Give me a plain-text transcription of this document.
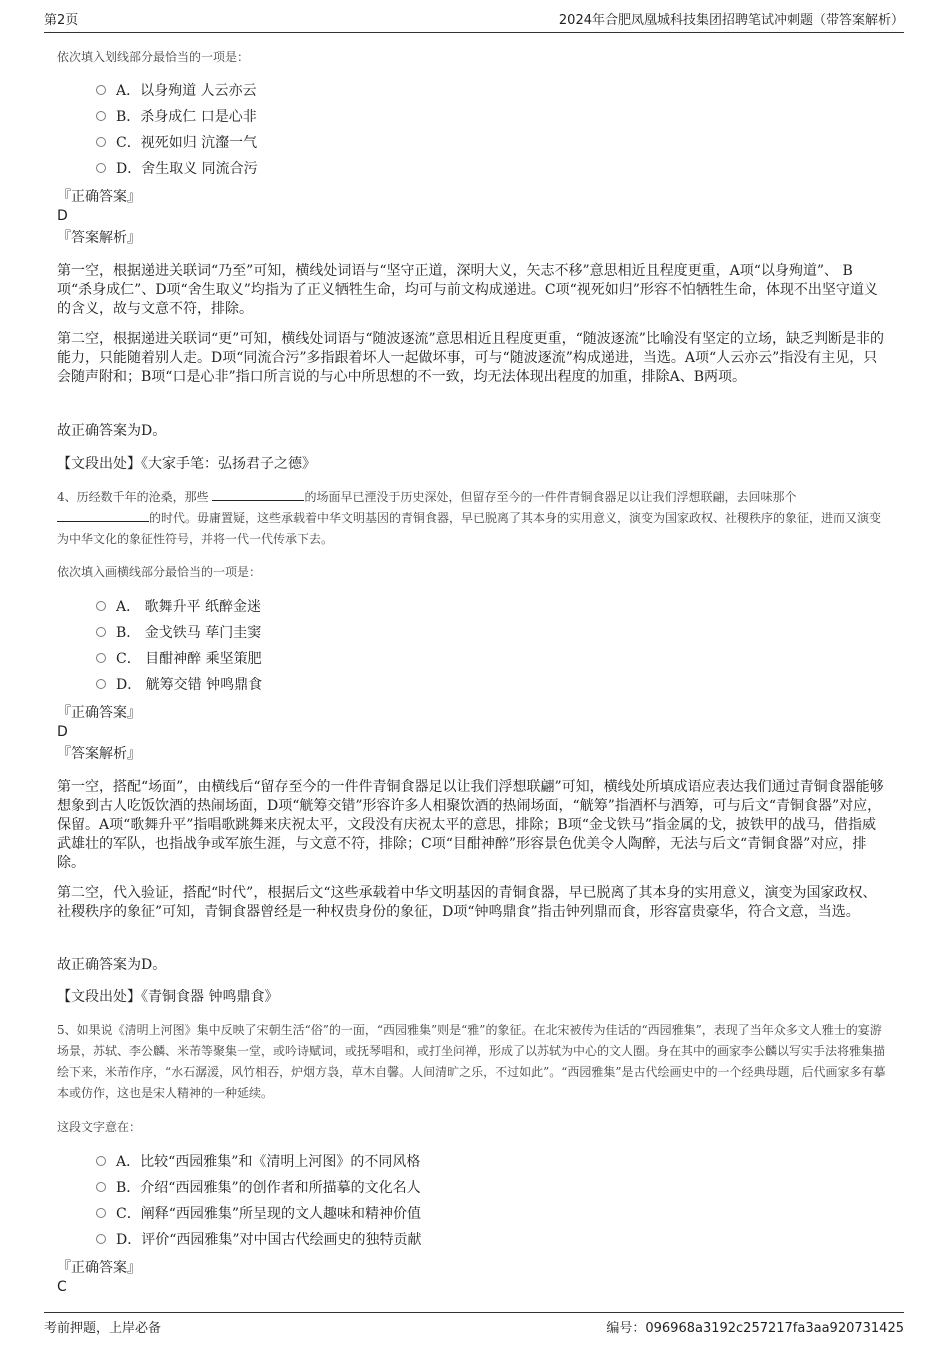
第2页	2024年合肥凤凰城科技集团招聘笔试冲刺题（带答案解析）
依次填入划线部分最恰当的一项是：
A．以身殉道 人云亦云
B．杀身成仁 口是心非
C．视死如归 沆瀣一气
D．舍生取义 同流合污
『正确答案』
D
『答案解析』
第一空，根据递进关联词“乃至”可知，横线处词语与“坚守正道，深明大义，矢志不移”意思相近且程度更重，A项“以身殉道”、 B项“杀身成仁”、D项“舍生取义”均指为了正义牺牲生命，均可与前文构成递进。C项“视死如归”形容不怕牺牲生命，体现不出坚守道义的含义，故与文意不符，排除。
第二空，根据递进关联词“更”可知，横线处词语与“随波逐流”意思相近且程度更重，“随波逐流”比喻没有坚定的立场，缺乏判断是非的能力，只能随着别人走。D项“同流合污”多指跟着坏人一起做坏事，可与“随波逐流”构成递进，当选。A项“人云亦云”指没有主见，只会随声附和；B项“口是心非”指口所言说的与心中所思想的不一致，均无法体现出程度的加重，排除A、B两项。
故正确答案为D。
【文段出处】《大家手笔：弘扬君子之德》
4、历经数千年的沧桑，那些	的场面早已湮没于历史深处，但留存至今的一件件青铜食器足以让我们浮想联翩，去回味那个
的时代。毋庸置疑，这些承载着中华文明基因的青铜食器，早已脱离了其本身的实用意义，演变为国家政权、社稷秩序的象征，进而又演变为中华文化的象征性符号，并将一代一代传承下去。
依次填入画横线部分最恰当的一项是：
A． 歌舞升平 纸醉金迷
B． 金戈铁马 荜门圭窦
C． 目酣神醉 乘坚策肥
D． 觥筹交错 钟鸣鼎食
『正确答案』
D
『答案解析』
第一空，搭配“场面”，由横线后“留存至今的一件件青铜食器足以让我们浮想联翩”可知，横线处所填成语应表达我们通过青铜食器能够想象到古人吃饭饮酒的热闹场面，D项“觥筹交错”形容许多人相聚饮酒的热闹场面，“觥筹”指酒杯与酒筹，可与后文“青铜食器”对应，保留。A项“歌舞升平”指唱歌跳舞来庆祝太平，文段没有庆祝太平的意思，排除；B项“金戈铁马”指金属的戈，披铁甲的战马，借指威武雄壮的军队，也指战争或军旅生涯，与文意不符，排除；C项“目酣神醉”形容景色优美令人陶醉，无法与后文“青铜食器”对应，排除。
第二空，代入验证，搭配“时代”，根据后文“这些承载着中华文明基因的青铜食器，早已脱离了其本身的实用意义，演变为国家政权、社稷秩序的象征”可知，青铜食器曾经是一种权贵身份的象征，D项“钟鸣鼎食”指击钟列鼎而食，形容富贵豪华，符合文意，当选。
故正确答案为D。
【文段出处】《青铜食器 钟鸣鼎食》
5、如果说《清明上河图》集中反映了宋朝生活“俗”的一面，“西园雅集”则是“雅”的象征。在北宋被传为佳话的“西园雅集”，表现了当年众多文人雅士的宴游场景，苏轼、李公麟、米芾等聚集一堂，或吟诗赋词，或抚琴唱和，或打坐问禅，形成了以苏轼为中心的文人圈。身在其中的画家李公麟以写实手法将雅集描绘下来，米芾作序，“水石潺湲，风竹相吞，炉烟方袅，草木自馨。人间清旷之乐，不过如此”。“西园雅集”是古代绘画史中的一个经典母题，后代画家多有摹本或仿作，这也是宋人精神的一种延续。
这段文字意在：
A．比较“西园雅集”和《清明上河图》的不同风格
B．介绍“西园雅集”的创作者和所描摹的文化名人
C．阐释“西园雅集”所呈现的文人趣味和精神价值
D．评价“西园雅集”对中国古代绘画史的独特贡献
『正确答案』
C
考前押题，上岸必备	编号：096968a3192c257217fa3aa920731425
